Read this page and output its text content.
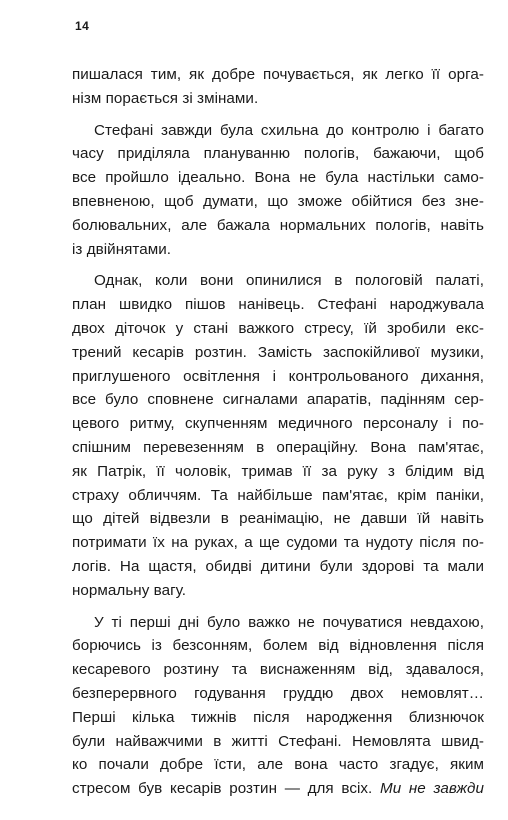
14
пишалася тим, як добре почувається, як легко її орга-
нізм порається зі змінами.
Стефані завжди була схильна до контролю і багато
часу приділяла плануванню пологів, бажаючи, щоб
все пройшло ідеально. Вона не була настільки само-
впевненою, щоб думати, що зможе обійтися без зне-
болювальних, але бажала нормальних пологів, навіть
із двійнятами.
Однак, коли вони опинилися в пологовій палаті,
план швидко пішов нанівець. Стефані народжувала
двох діточок у стані важкого стресу, їй зробили екс-
трений кесарів розтин. Замість заспокійливої музики,
приглушеного освітлення і контрольованого дихання,
все було сповнене сигналами апаратів, падінням сер-
цевого ритму, скупченням медичного персоналу і по-
спішним перевезенням в операційну. Вона пам'ятає,
як Патрік, її чоловік, тримав її за руку з блідим від
страху обличчям. Та найбільше пам'ятає, крім паніки,
що дітей відвезли в реанімацію, не давши їй навіть
потримати їх на руках, а ще судоми та нудоту після по-
логів. На щастя, обидві дитини були здорові та мали
нормальну вагу.
У ті перші дні було важко не почуватися невдахою,
борючись із безсонням, болем від відновлення після
кесаревого розтину та виснаженням від, здавалося,
безперервного годування груддю двох немовлят…
Перші кілька тижнів після народження близнючок
були найважчими в житті Стефані. Немовлята швид-
ко почали добре їсти, але вона часто згадує, яким
стресом був кесарів розтин — для всіх. Ми не завжди
